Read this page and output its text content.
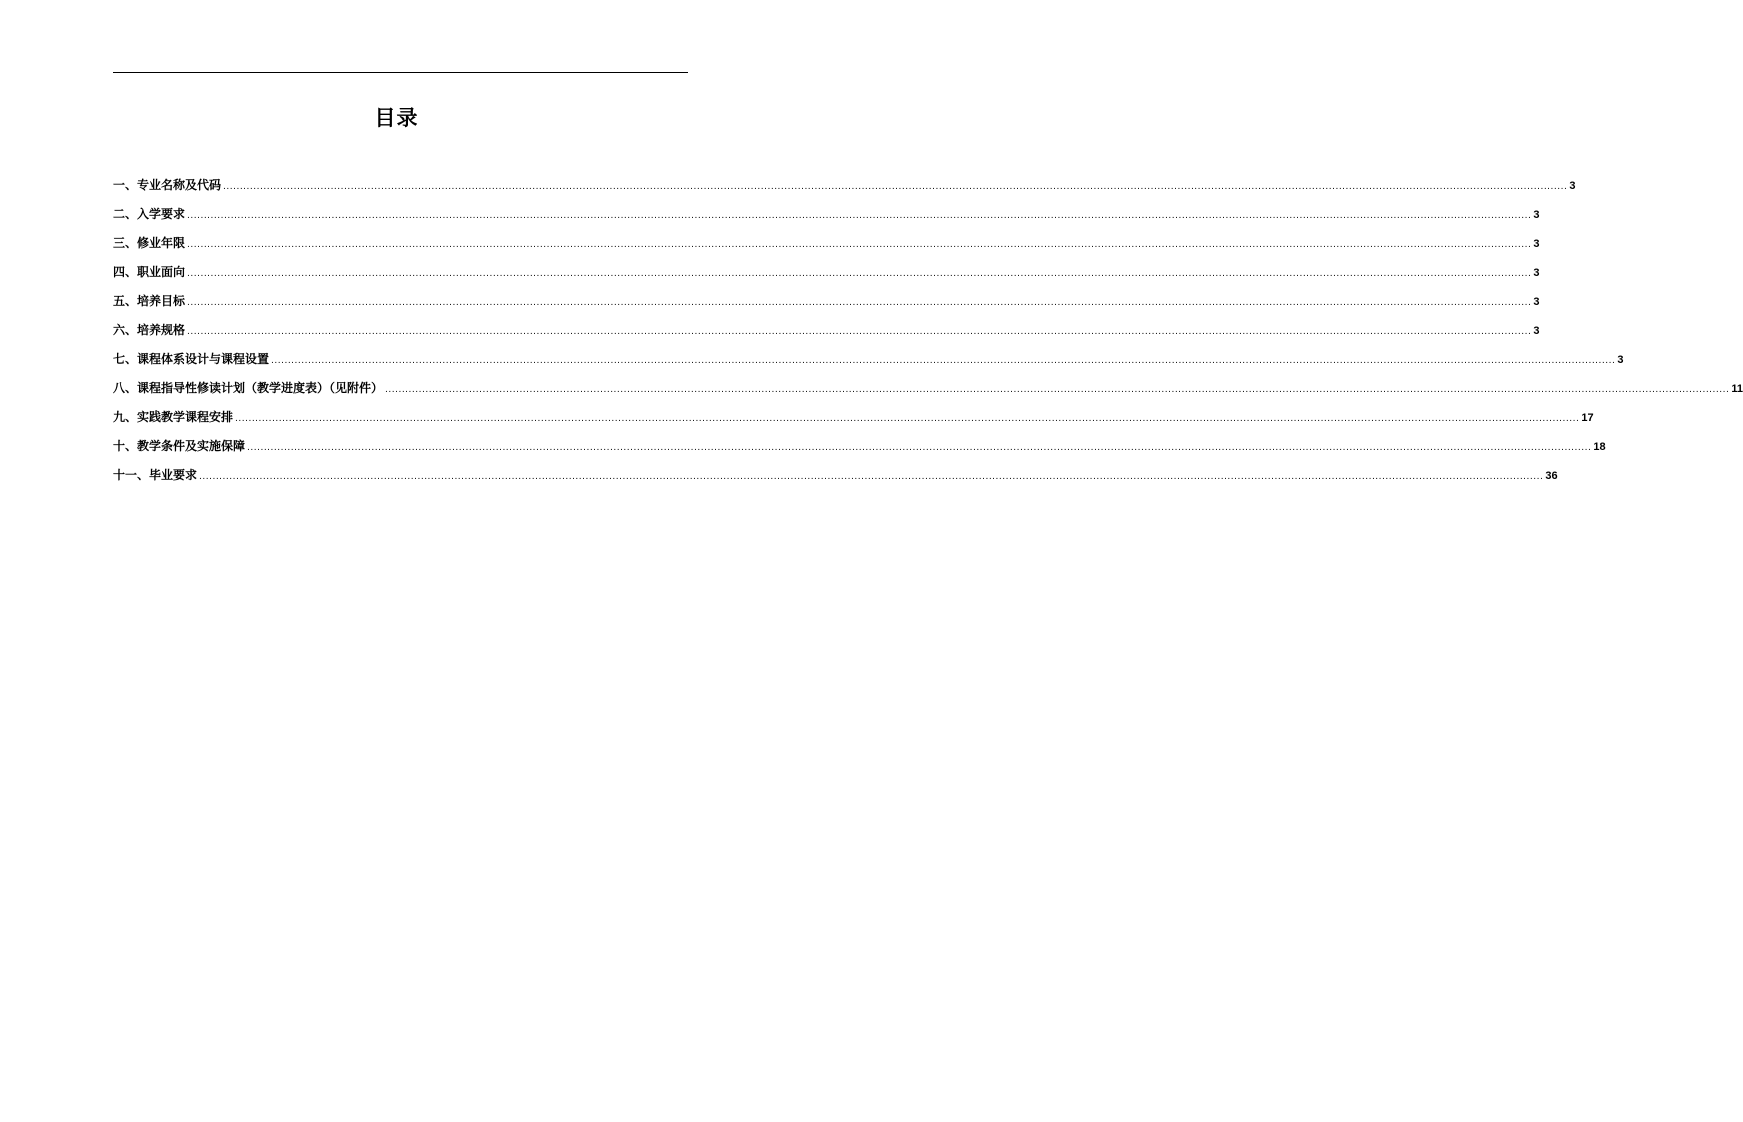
目录
一、专业名称及代码 ................................................................................................................................................................................................................................................................................................................................................................................................................ 3
二、入学要求 ................................................................................................................................................................................................................................................................................................................................................................................................................ 3
三、修业年限 ................................................................................................................................................................................................................................................................................................................................................................................................................ 3
四、职业面向 ................................................................................................................................................................................................................................................................................................................................................................................................................ 3
五、培养目标 ................................................................................................................................................................................................................................................................................................................................................................................................................ 3
六、培养规格 ................................................................................................................................................................................................................................................................................................................................................................................................................ 3
七、课程体系设计与课程设置 ................................................................................................................................................................................................................................................................................................................................................................................................................ 3
八、课程指导性修读计划（教学进度表）（见附件） ................................................................................................................................................................................................................................................................................................................................................................................................................ 11
九、实践教学课程安排 ................................................................................................................................................................................................................................................................................................................................................................................................................ 17
十、教学条件及实施保障 ................................................................................................................................................................................................................................................................................................................................................................................................................ 18
十一、毕业要求 ................................................................................................................................................................................................................................................................................................................................................................................................................ 36
